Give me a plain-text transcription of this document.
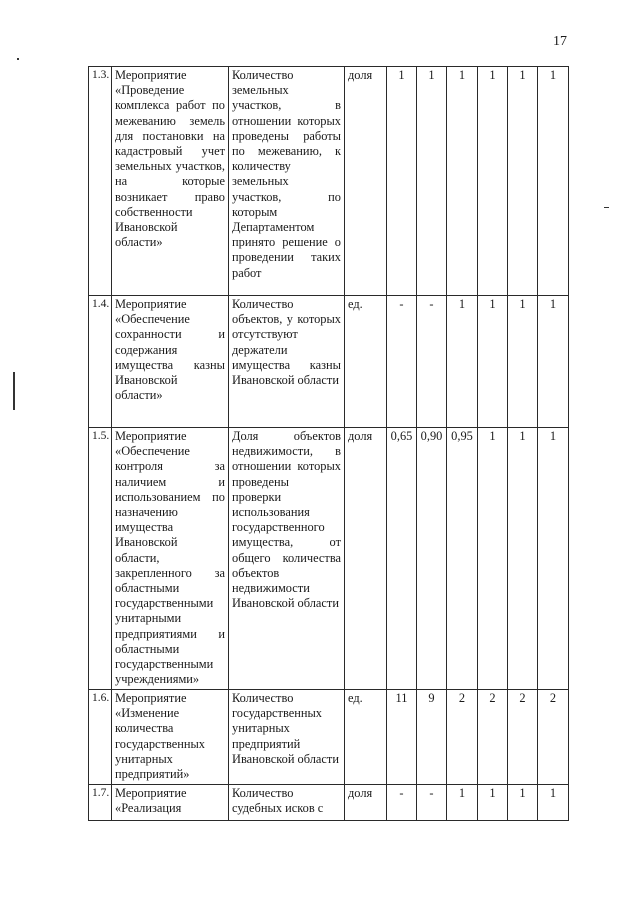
17
1.3.	Мероприятие «Проведение комплекса работ по межеванию земель для постановки на кадастровый учет земельных участков, на которые возникает право собственности Ивановской области»	Количество земельных участков, в отношении которых проведены работы по межеванию, к количеству земельных участков, по которым Департаментом принято решение о проведении таких работ	доля	1	1	1	1	1	1
1.4.	Мероприятие «Обеспечение сохранности и содержания имущества казны Ивановской области»	Количество объектов, у которых отсутствуют держатели имущества казны Ивановской области	ед.	-	-	1	1	1	1
1.5.	Мероприятие «Обеспечение контроля за наличием и использованием по назначению имущества Ивановской области, закрепленного за областными государственными унитарными предприятиями и областными государственными учреждениями»	Доля объектов недвижимости, в отношении которых проведены проверки использования государственного имущества, от общего количества объектов недвижимости Ивановской области	доля	0,65	0,90	0,95	1	1	1
1.6.	Мероприятие «Изменение количества государственных унитарных предприятий»	Количество государственных унитарных предприятий Ивановской области	ед.	11	9	2	2	2	2
1.7.	Мероприятие «Реализация	Количество судебных исков с	доля	-	-	1	1	1	1
